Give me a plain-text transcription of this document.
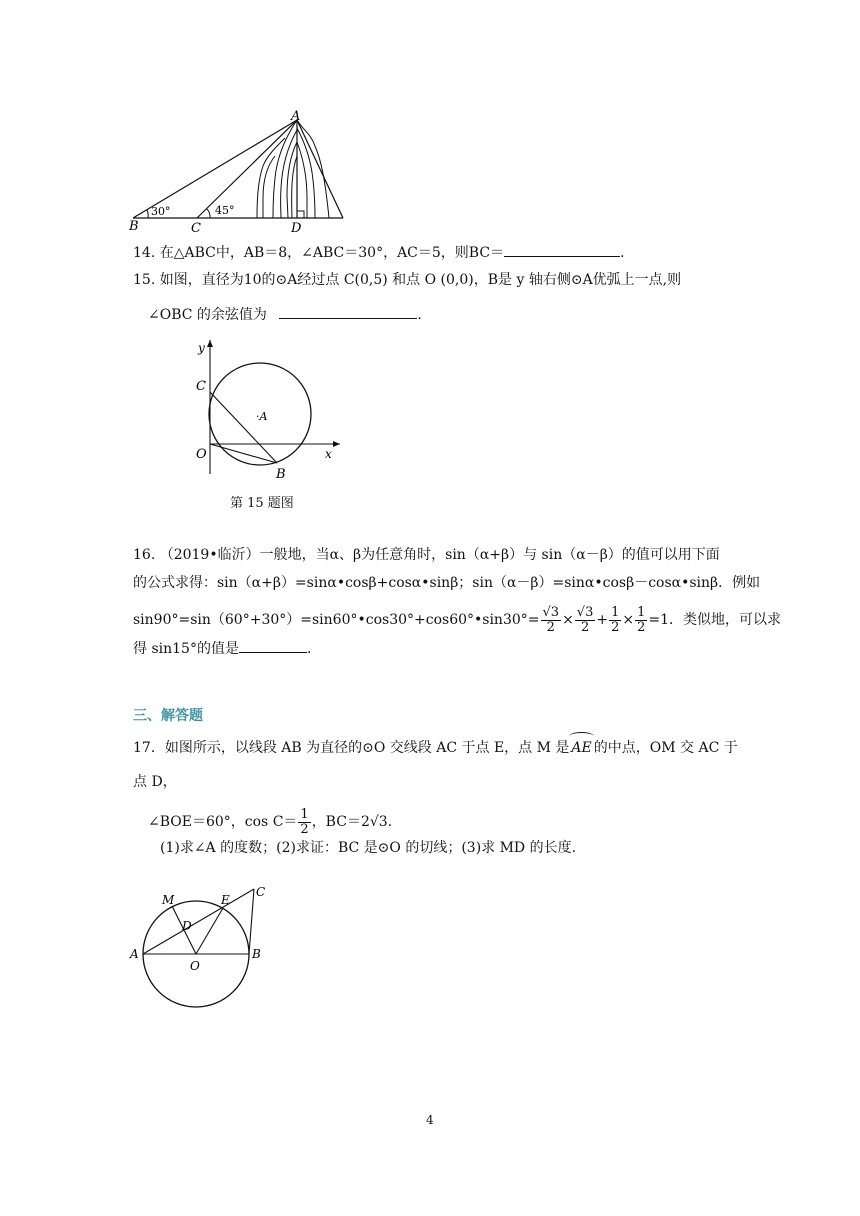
A
B	C	D
30°	45°
14. 在△ABC中，AB＝8，∠ABC＝30°，AC＝5，则BC＝	.
15. 如图，直径为10的⊙A经过点 C(0,5) 和点 O (0,0)，B是 y 轴右侧⊙A优弧上一点,则
∠OBC 的余弦值为	.
y
x
C
·A
O
B
第 15 题图
16. （2019•临沂）一般地，当α、β为任意角时，sin（α+β）与 sin（α－β）的值可以用下面
的公式求得：sin（α+β）=sinα•cosβ+cosα•sinβ；sin（α－β）=sinα•cosβ－cosα•sinβ．例如
sin90°=sin（60°+30°）=sin60°•cos30°+cos60°•sin30°= $\frac{√3}{2} \times \frac{√3}{2} + \frac{1}{2} \times \frac{1}{2} =1$．类似地，可以求
得 sin15°的值是	.
三、解答题
17．如图所示，以线段 AB 为直径的⊙O 交线段 AC 于点 E，点 M 是 AE 的中点，OM 交 AC 于
点 D，
∠BOE＝60°，$\cos C= \frac{1}{2}$ ，BC＝2√3.
(1)求∠A 的度数；(2)求证：BC 是⊙O 的切线；(3)求 MD 的长度.
M	E
C
D
A
O
B
4
